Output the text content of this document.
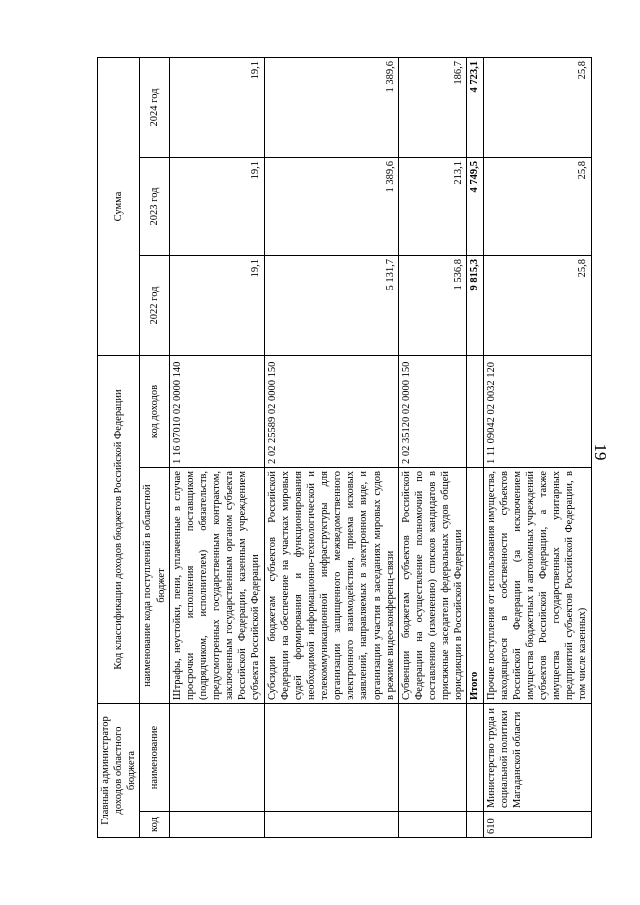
19
Главный администратор доходов областного бюджета		Код классификации доходов бюджетов Российской Федерации		Сумма		
код	наименование	наименование кода поступлений в областной бюджет	код доходов	2022 год	2023 год	2024 год
		Штрафы, неустойки, пени, уплаченные в случае просрочки исполнения поставщиком (подрядчиком, исполнителем) обязательств, предусмотренных государственным контрактом, заключенным государственным органом субъекта Российской Федерации, казенным учреждением субъекта Российской Федерации	1 16 07010 02 0000 140	19,1	19,1	19,1
		Субсидии бюджетам субъектов Российской Федерации на обеспечение на участках мировых судей формирования и функционирования необходимой информационно-технологической и телекоммуникационной инфраструктуры для организации защищенного межведомственного электронного взаимодействия, приема исковых заявлений, направляемых в электронном виде, и организации участия в заседаниях мировых судов в режиме видео-конференц-связи	2 02 25589 02 0000 150	5 131,7	1 389,6	1 389,6
		Субвенции бюджетам субъектов Российской Федерации на осуществление полномочий по составлению (изменению) списков кандидатов в присяжные заседатели федеральных судов общей юрисдикции в Российской Федерации	2 02 35120 02 0000 150	1 536,8	213,1	186,7
		Итого		9 815,3	4 749,5	4 723,1
610	Министерство труда и социальной политики Магаданской области	Прочие поступления от использования имущества, находящегося в собственности субъектов Российской Федерации (за исключением имущества бюджетных и автономных учреждений субъектов Российской Федерации, а также имущества государственных унитарных предприятий субъектов Российской Федерации, в том числе казенных)	1 11 09042 02 0032 120	25,8	25,8	25,8
